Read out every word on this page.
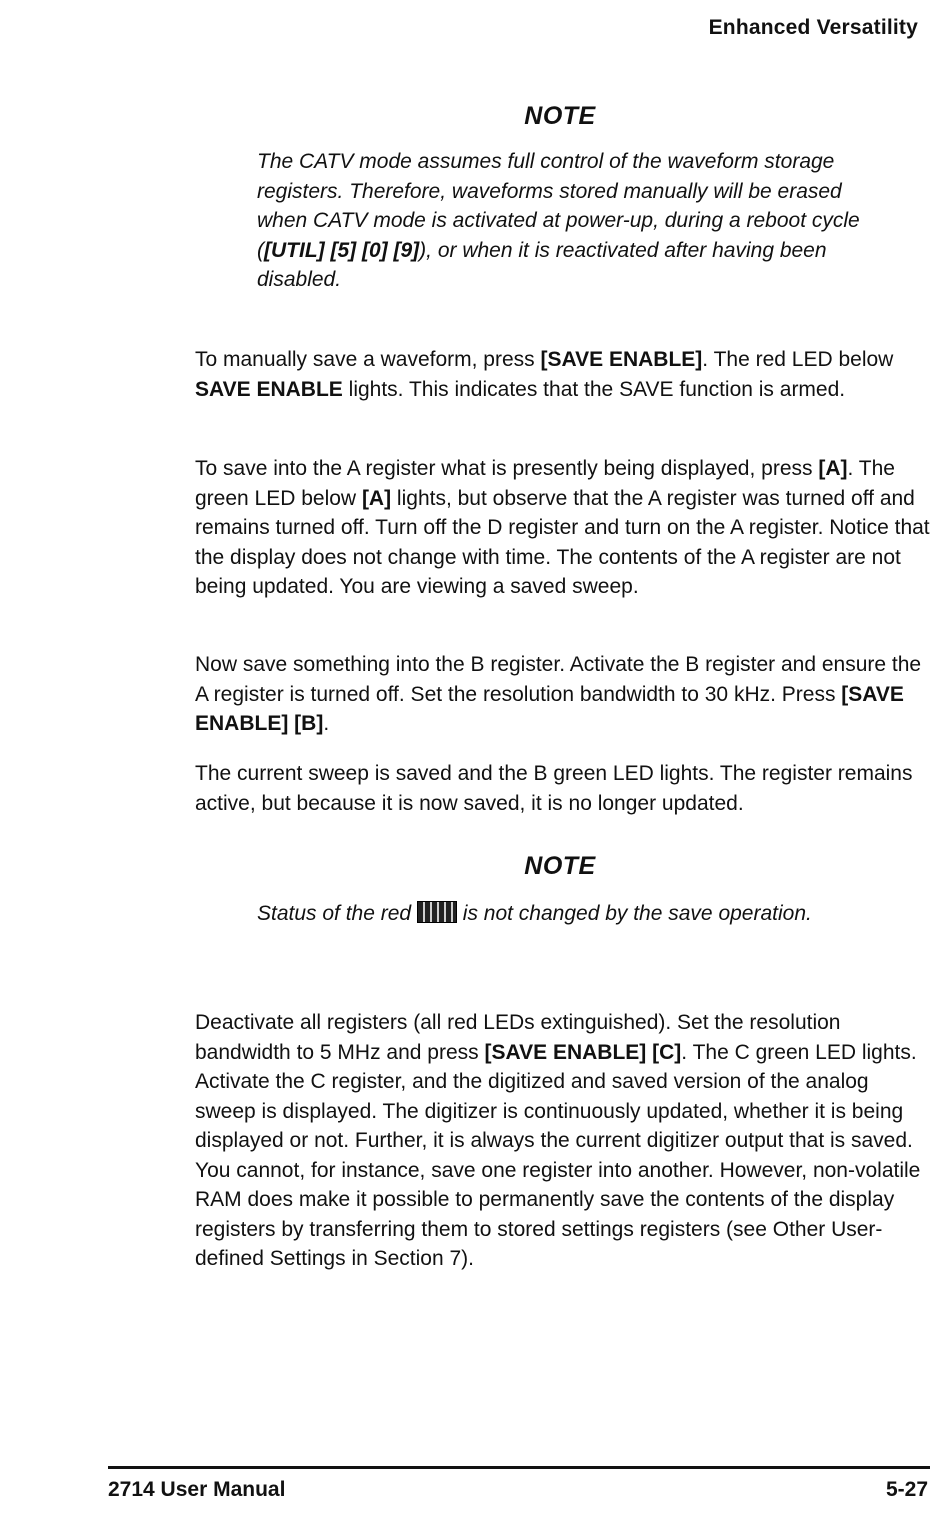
Enhanced Versatility
NOTE
The CATV mode assumes full control of the waveform storage registers. Therefore, waveforms stored manually will be erased when CATV mode is activated at power-up, during a reboot cycle ([UTIL] [5] [0] [9]), or when it is reactivated after having been disabled.
To manually save a waveform, press [SAVE ENABLE]. The red LED below SAVE ENABLE lights. This indicates that the SAVE function is armed.
To save into the A register what is presently being displayed, press [A]. The green LED below [A] lights, but observe that the A register was turned off and remains turned off. Turn off the D register and turn on the A register. Notice that the display does not change with time. The contents of the A register are not being updated. You are viewing a saved sweep.
Now save something into the B register. Activate the B register and ensure the A register is turned off. Set the resolution bandwidth to 30 kHz. Press [SAVE ENABLE] [B].
The current sweep is saved and the B green LED lights. The register remains active, but because it is now saved, it is no longer updated.
NOTE
Status of the red  is not changed by the save operation.
Deactivate all registers (all red LEDs extinguished). Set the resolution bandwidth to 5 MHz and press [SAVE ENABLE] [C]. The C green LED lights. Activate the C register, and the digitized and saved version of the analog sweep is displayed. The digitizer is continuously updated, whether it is being displayed or not. Further, it is always the current digitizer output that is saved. You cannot, for instance, save one register into another. However, non-volatile RAM does make it possible to permanently save the contents of the display registers by transferring them to stored settings registers (see Other User-defined Settings in Section 7).
2714 User Manual	5-27
